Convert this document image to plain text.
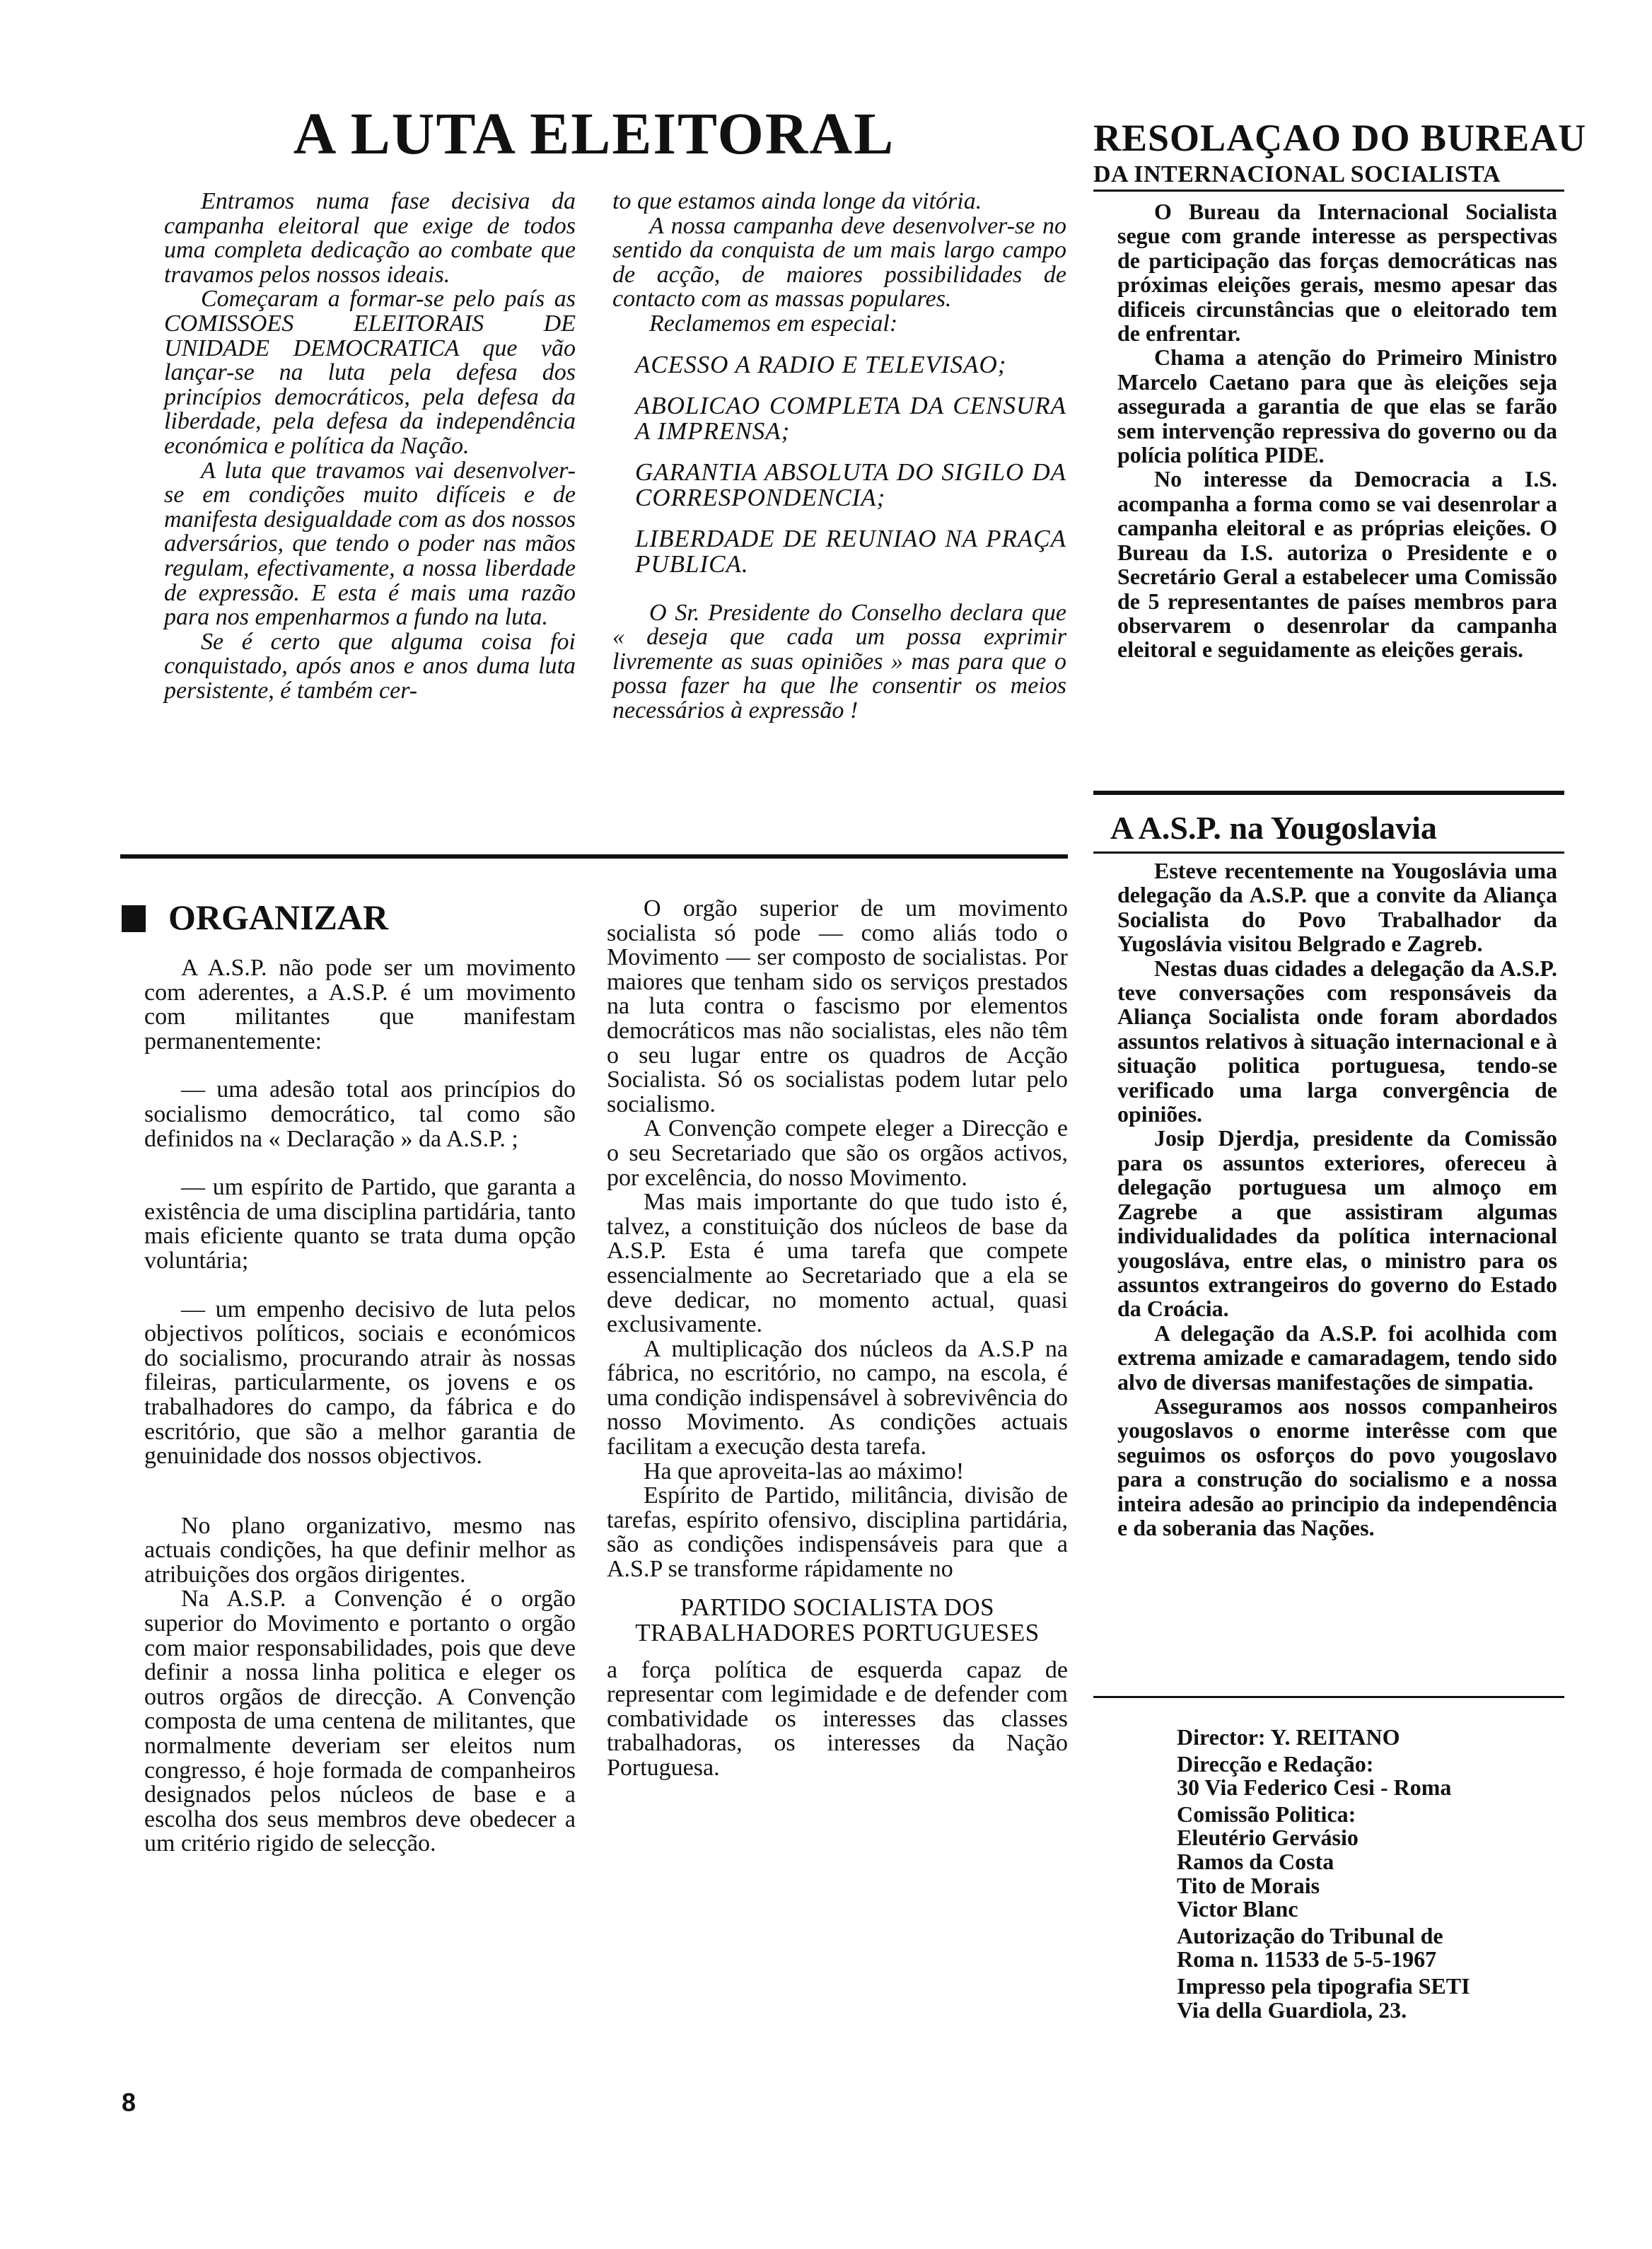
A LUTA ELEITORAL

Entramos numa fase decisiva da campanha eleitoral que exige de todos uma completa dedicação ao combate que travamos pelos nossos ideais.

Começaram a formar-se pelo país as COMISSOES ELEITORAIS DE UNIDADE DEMOCRATICA que vão lançar-se na luta pela defesa dos princípios democráticos, pela defesa da liberdade, pela defesa da independência económica e política da Nação.

A luta que travamos vai desenvolver-se em condições muito difíceis e de manifesta desigualdade com as dos nossos adversários, que tendo o poder nas mãos regulam, efectivamente, a nossa liberdade de expressão. E esta é mais uma razão para nos empenharmos a fundo na luta.

Se é certo que alguma coisa foi conquistado, após anos e anos duma luta persistente, é também cer-

to que estamos ainda longe da vitória.

A nossa campanha deve desenvolver-se no sentido da conquista de um mais largo campo de acção, de maiores possibilidades de contacto com as massas populares.

Reclamemos em especial:

ACESSO A RADIO E TELEVISAO;
ABOLICAO COMPLETA DA CENSURA A IMPRENSA;
GARANTIA ABSOLUTA DO SIGILO DA CORRESPONDENCIA;
LIBERDADE DE REUNIAO NA PRAÇA PUBLICA.

O Sr. Presidente do Conselho declara que « deseja que cada um possa exprimir livremente as suas opiniões » mas para que o possa fazer ha que lhe consentir os meios necessários à expressão !

ORGANIZAR

A A.S.P. não pode ser um movimento com aderentes, a A.S.P. é um movimento com militantes que manifestam permanentemente:

— uma adesão total aos princípios do socialismo democrático, tal como são definidos na « Declaração » da A.S.P. ;

— um espírito de Partido, que garanta a existência de uma disciplina partidária, tanto mais eficiente quanto se trata duma opção voluntária;

— um empenho decisivo de luta pelos objectivos políticos, sociais e económicos do socialismo, procurando atrair às nossas fileiras, particularmente, os jovens e os trabalhadores do campo, da fábrica e do escritório, que são a melhor garantia de genuinidade dos nossos objectivos.

No plano organizativo, mesmo nas actuais condições, ha que definir melhor as atribuições dos orgãos dirigentes.

Na A.S.P. a Convenção é o orgão superior do Movimento e portanto o orgão com maior responsabilidades, pois que deve definir a nossa linha politica e eleger os outros orgãos de direcção. A Convenção composta de uma centena de militantes, que normalmente deveriam ser eleitos num congresso, é hoje formada de companheiros designados pelos núcleos de base e a escolha dos seus membros deve obedecer a um critério rigido de selecção.

O orgão superior de um movimento socialista só pode — como aliás todo o Movimento — ser composto de socialistas. Por maiores que tenham sido os serviços prestados na luta contra o fascismo por elementos democráticos mas não socialistas, eles não têm o seu lugar entre os quadros de Acção Socialista. Só os socialistas podem lutar pelo socialismo.

A Convenção compete eleger a Direcção e o seu Secretariado que são os orgãos activos, por excelência, do nosso Movimento.

Mas mais importante do que tudo isto é, talvez, a constituição dos núcleos de base da A.S.P. Esta é uma tarefa que compete essencialmente ao Secretariado que a ela se deve dedicar, no momento actual, quasi exclusivamente.

A multiplicação dos núcleos da A.S.P na fábrica, no escritório, no campo, na escola, é uma condição indispensável à sobrevivência do nosso Movimento. As condições actuais facilitam a execução desta tarefa.

Ha que aproveita-las ao máximo!

Espírito de Partido, militância, divisão de tarefas, espírito ofensivo, disciplina partidária, são as condições indispensáveis para que a A.S.P se transforme rápidamente no

PARTIDO SOCIALISTA DOS
TRABALHADORES PORTUGUESES

a força política de esquerda capaz de representar com legimidade e de defender com combatividade os interesses das classes trabalhadoras, os interesses da Nação Portuguesa.

RESOLAÇAO DO BUREAU
DA INTERNACIONAL SOCIALISTA

O Bureau da Internacional Socialista segue com grande interesse as perspectivas de participação das forças democráticas nas próximas eleições gerais, mesmo apesar das dificeis circunstâncias que o eleitorado tem de enfrentar.

Chama a atenção do Primeiro Ministro Marcelo Caetano para que às eleições seja assegurada a garantia de que elas se farão sem intervenção repressiva do governo ou da polícia política PIDE.

No interesse da Democracia a I.S. acompanha a forma como se vai desenrolar a campanha eleitoral e as próprias eleições. O Bureau da I.S. autoriza o Presidente e o Secretário Geral a estabelecer uma Comissão de 5 representantes de países membros para observarem o desenrolar da campanha eleitoral e seguidamente as eleições gerais.

A A.S.P. na Yougoslavia

Esteve recentemente na Yougoslávia uma delegação da A.S.P. que a convite da Aliança Socialista do Povo Trabalhador da Yugoslávia visitou Belgrado e Zagreb.

Nestas duas cidades a delegação da A.S.P. teve conversações com responsáveis da Aliança Socialista onde foram abordados assuntos relativos à situação internacional e à situação politica portuguesa, tendo-se verificado uma larga convergência de opiniões.

Josip Djerdja, presidente da Comissão para os assuntos exteriores, ofereceu à delegação portuguesa um almoço em Zagrebe a que assistiram algumas individualidades da política internacional yougosláva, entre elas, o ministro para os assuntos extrangeiros do governo do Estado da Croácia.

A delegação da A.S.P. foi acolhida com extrema amizade e camaradagem, tendo sido alvo de diversas manifestações de simpatia.

Asseguramos aos nossos companheiros yougoslavos o enorme interêsse com que seguimos os osforços do povo yougoslavo para a construção do socialismo e a nossa inteira adesão ao principio da independência e da soberania das Nações.

Director: Y. REITANO
Direcção e Redação:
30 Via Federico Cesi - Roma
Comissão Politica:
Eleutério Gervásio
Ramos da Costa
Tito de Morais
Victor Blanc
Autorização do Tribunal de
Roma n. 11533 de 5-5-1967
Impresso pela tipografia SETI
Via della Guardiola, 23.
8
